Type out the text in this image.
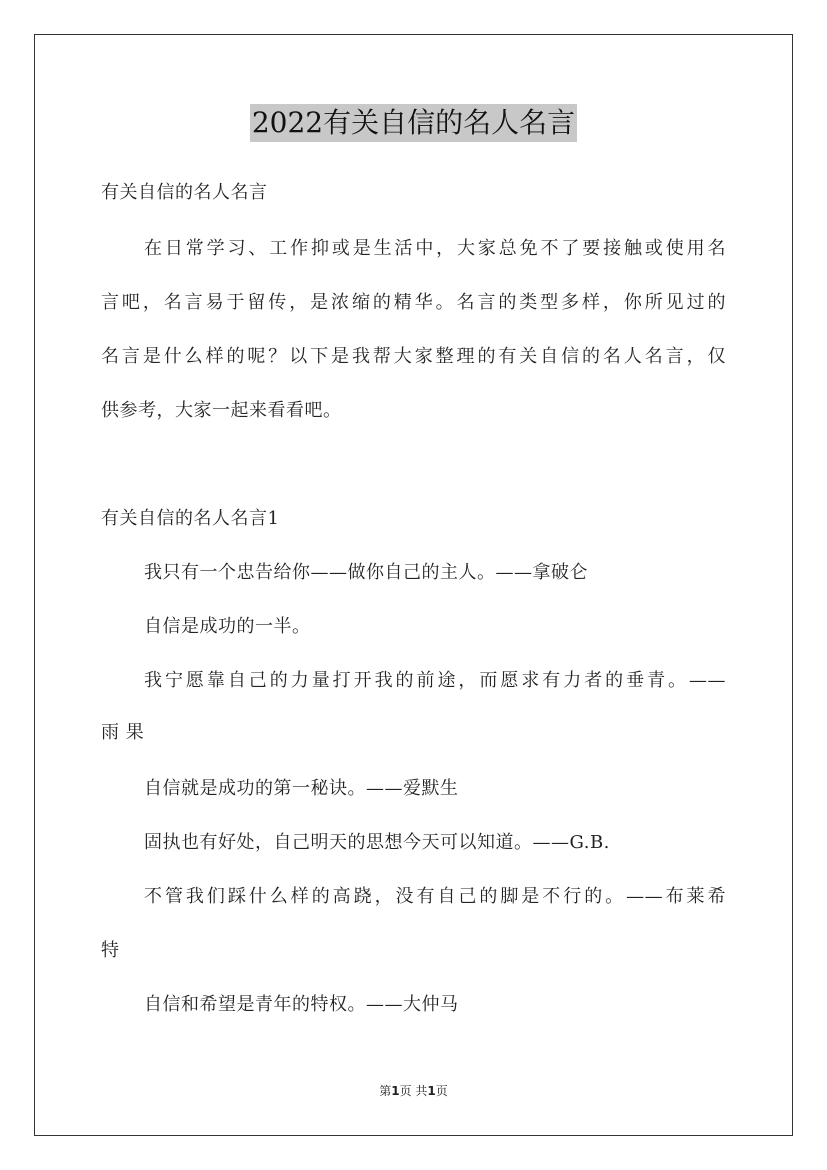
2022有关自信的名人名言
有关自信的名人名言
在日常学习、工作抑或是生活中，大家总免不了要接触或使用名
言吧，名言易于留传，是浓缩的精华。名言的类型多样，你所见过的
名言是什么样的呢？以下是我帮大家整理的有关自信的名人名言，仅
供参考，大家一起来看看吧。
有关自信的名人名言1
我只有一个忠告给你——做你自己的主人。——拿破仑
自信是成功的一半。
我宁愿靠自己的力量打开我的前途，而愿求有力者的垂青。——
雨 果
自信就是成功的第一秘诀。——爱默生
固执也有好处，自己明天的思想今天可以知道。——G.B.
不管我们踩什么样的高跷，没有自己的脚是不行的。——布莱希
特
自信和希望是青年的特权。——大仲马
第1页 共1页
